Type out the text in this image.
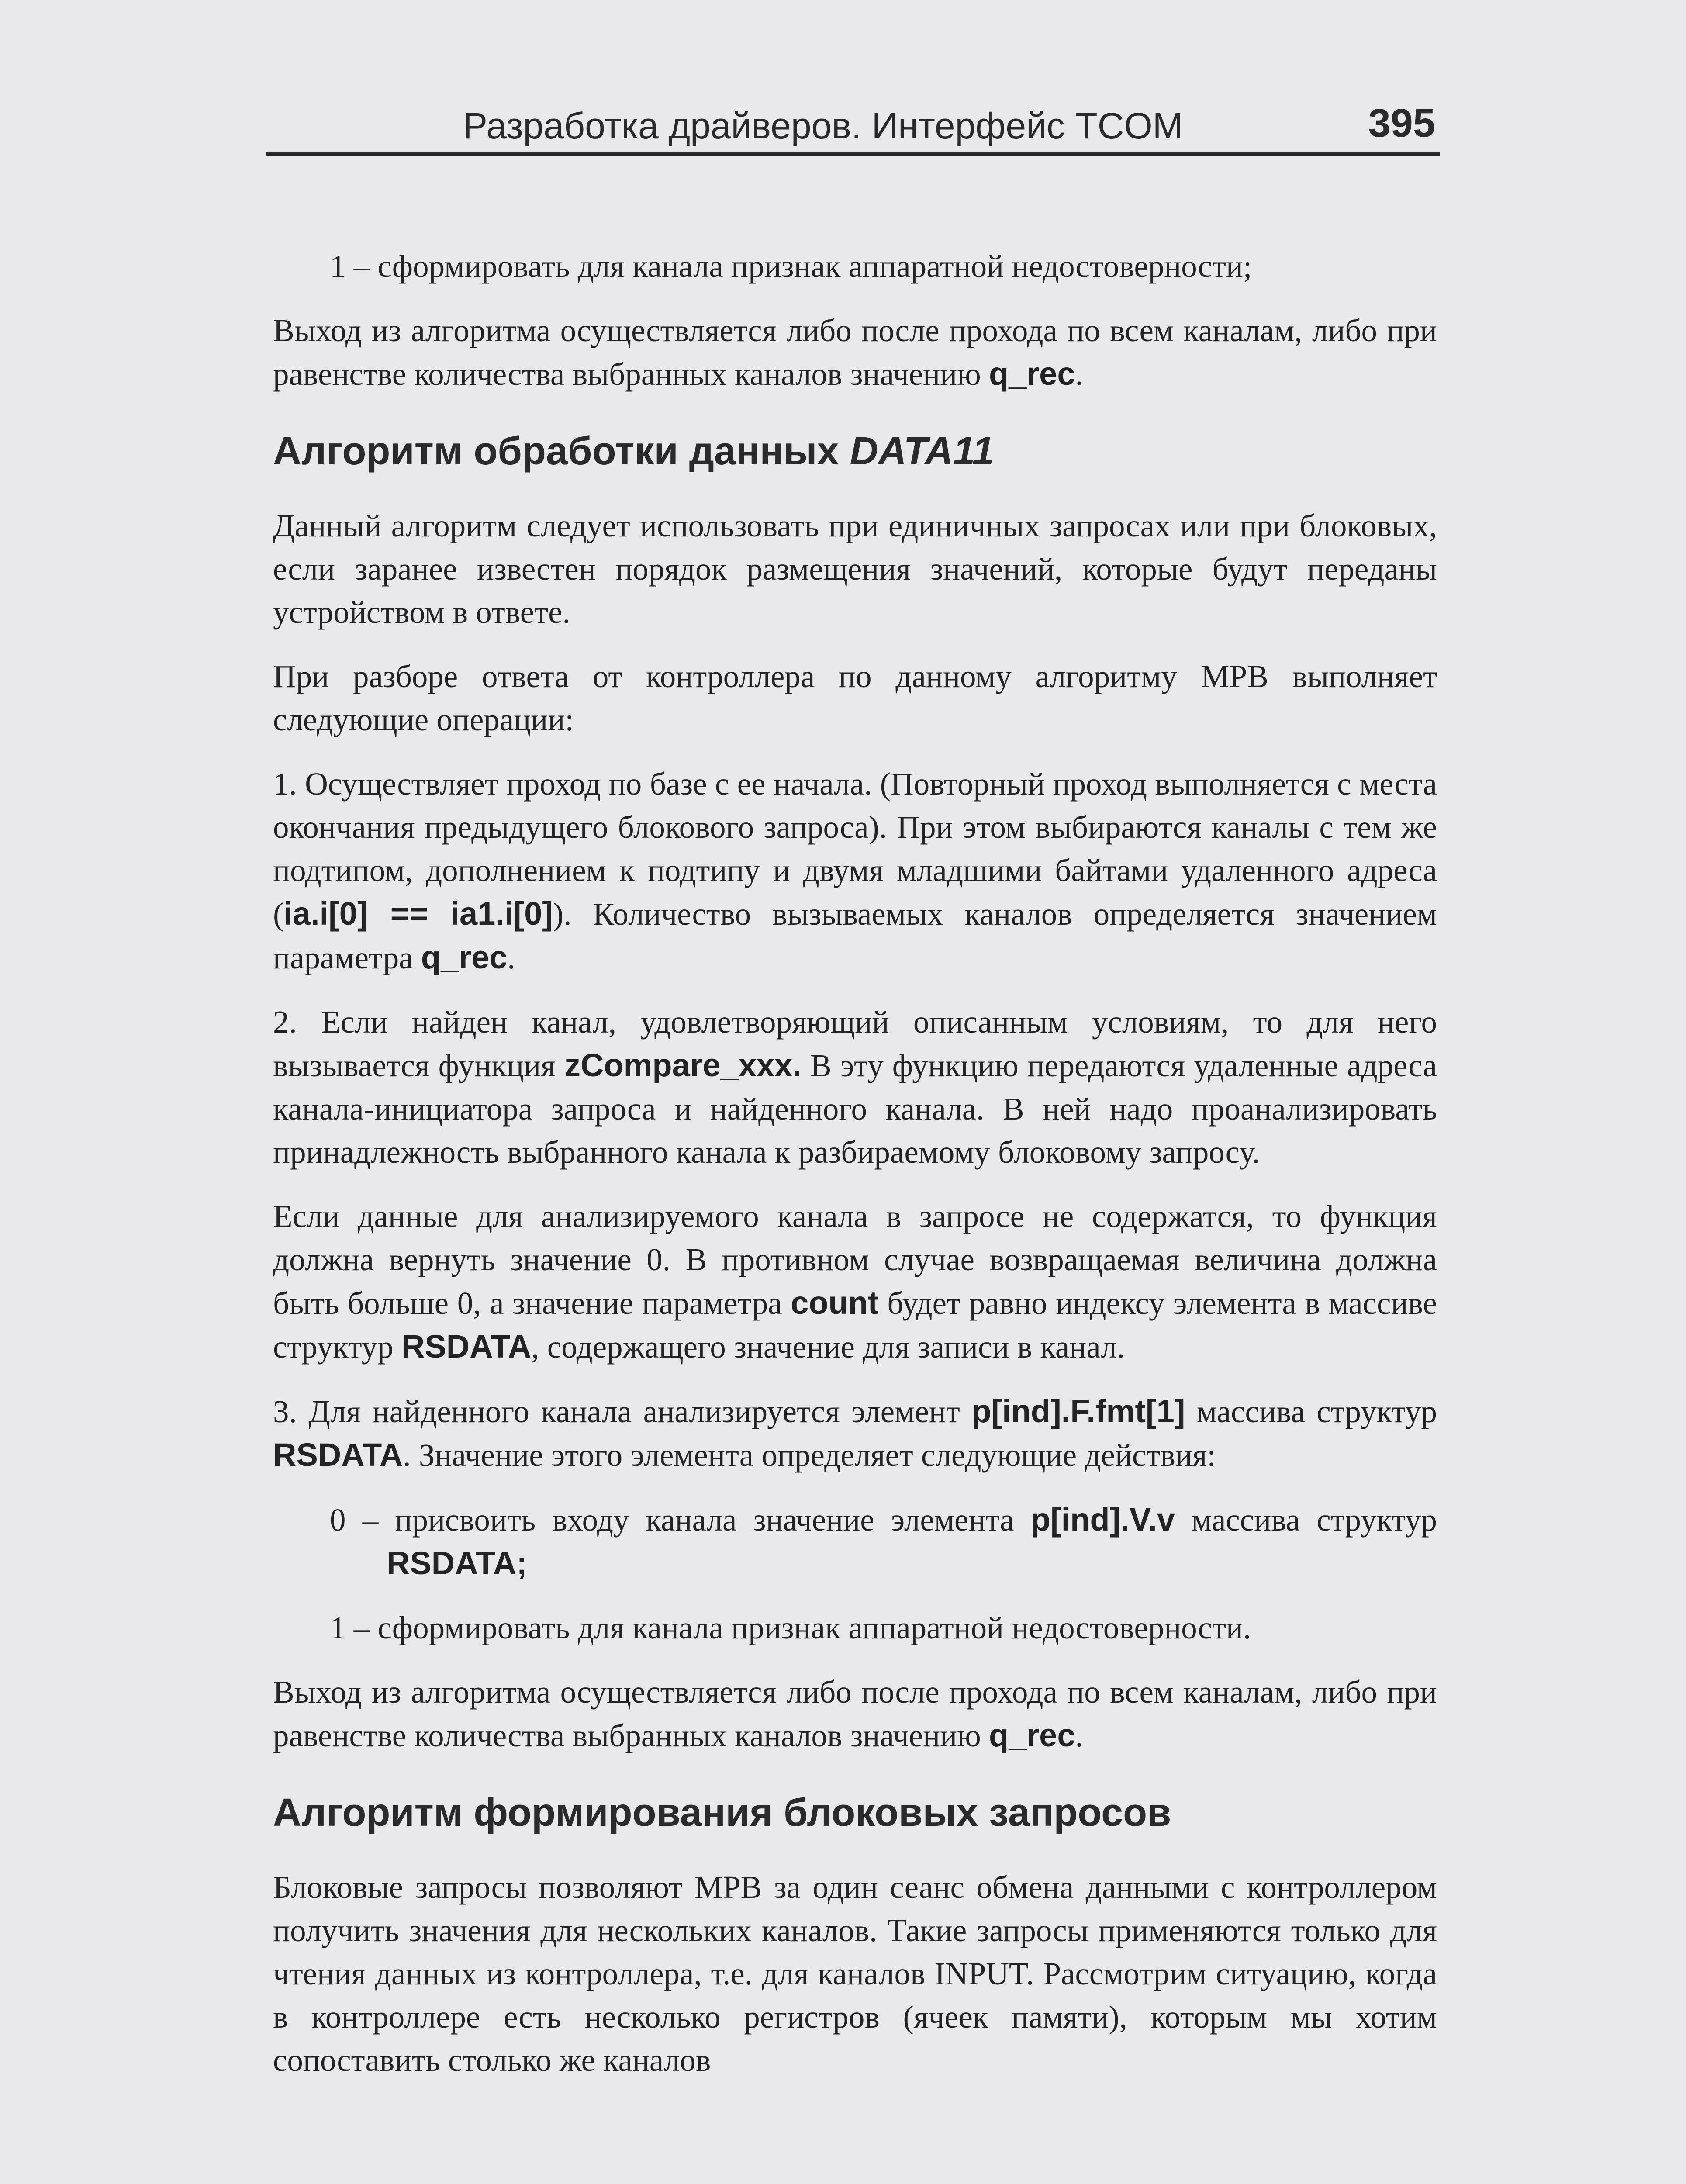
Разработка драйверов. Интерфейс TCOM	395

1 – сформировать для канала признак аппаратной недостоверности;

Выход из алгоритма осуществляется либо после прохода по всем каналам, либо при равенстве количества выбранных каналов значению q_rec.

Алгоритм обработки данных DATA11

Данный алгоритм следует использовать при единичных запросах или при блоковых, если заранее известен порядок размещения значений, которые будут переданы устройством в ответе.

При разборе ответа от контроллера по данному алгоритму МРВ выполняет следующие операции:

1. Осуществляет проход по базе с ее начала. (Повторный проход выполняется с места окончания предыдущего блокового запроса). При этом выбираются каналы с тем же подтипом, дополнением к подтипу и двумя младшими байтами удаленного адреса (ia.i[0] == ia1.i[0]). Количество вызываемых каналов определяется значением параметра q_rec.

2. Если найден канал, удовлетворяющий описанным условиям, то для него вызывается функция zCompare_xxx. В эту функцию передаются удаленные адреса канала-инициатора запроса и найденного канала. В ней надо проанализировать принадлежность выбранного канала к разбираемому блоковому запросу.

Если данные для анализируемого канала в запросе не содержатся, то функция должна вернуть значение 0. В противном случае возвращаемая величина должна быть больше 0, а значение параметра count будет равно индексу элемента в массиве структур RSDATA, содержащего значение для записи в канал.

3. Для найденного канала анализируется элемент p[ind].F.fmt[1] массива структур RSDATA. Значение этого элемента определяет следующие действия:

0 – присвоить входу канала значение элемента p[ind].V.v массива структур RSDATA;

1 – сформировать для канала признак аппаратной недостоверности.

Выход из алгоритма осуществляется либо после прохода по всем каналам, либо при равенстве количества выбранных каналов значению q_rec.

Алгоритм формирования блоковых запросов

Блоковые запросы позволяют МРВ за один сеанс обмена данными с контроллером получить значения для нескольких каналов. Такие запросы применяются только для чтения данных из контроллера, т.е. для каналов INPUT. Рассмотрим ситуацию, когда в контроллере есть несколько регистров (ячеек памяти), которым мы хотим сопоставить столько же каналов
